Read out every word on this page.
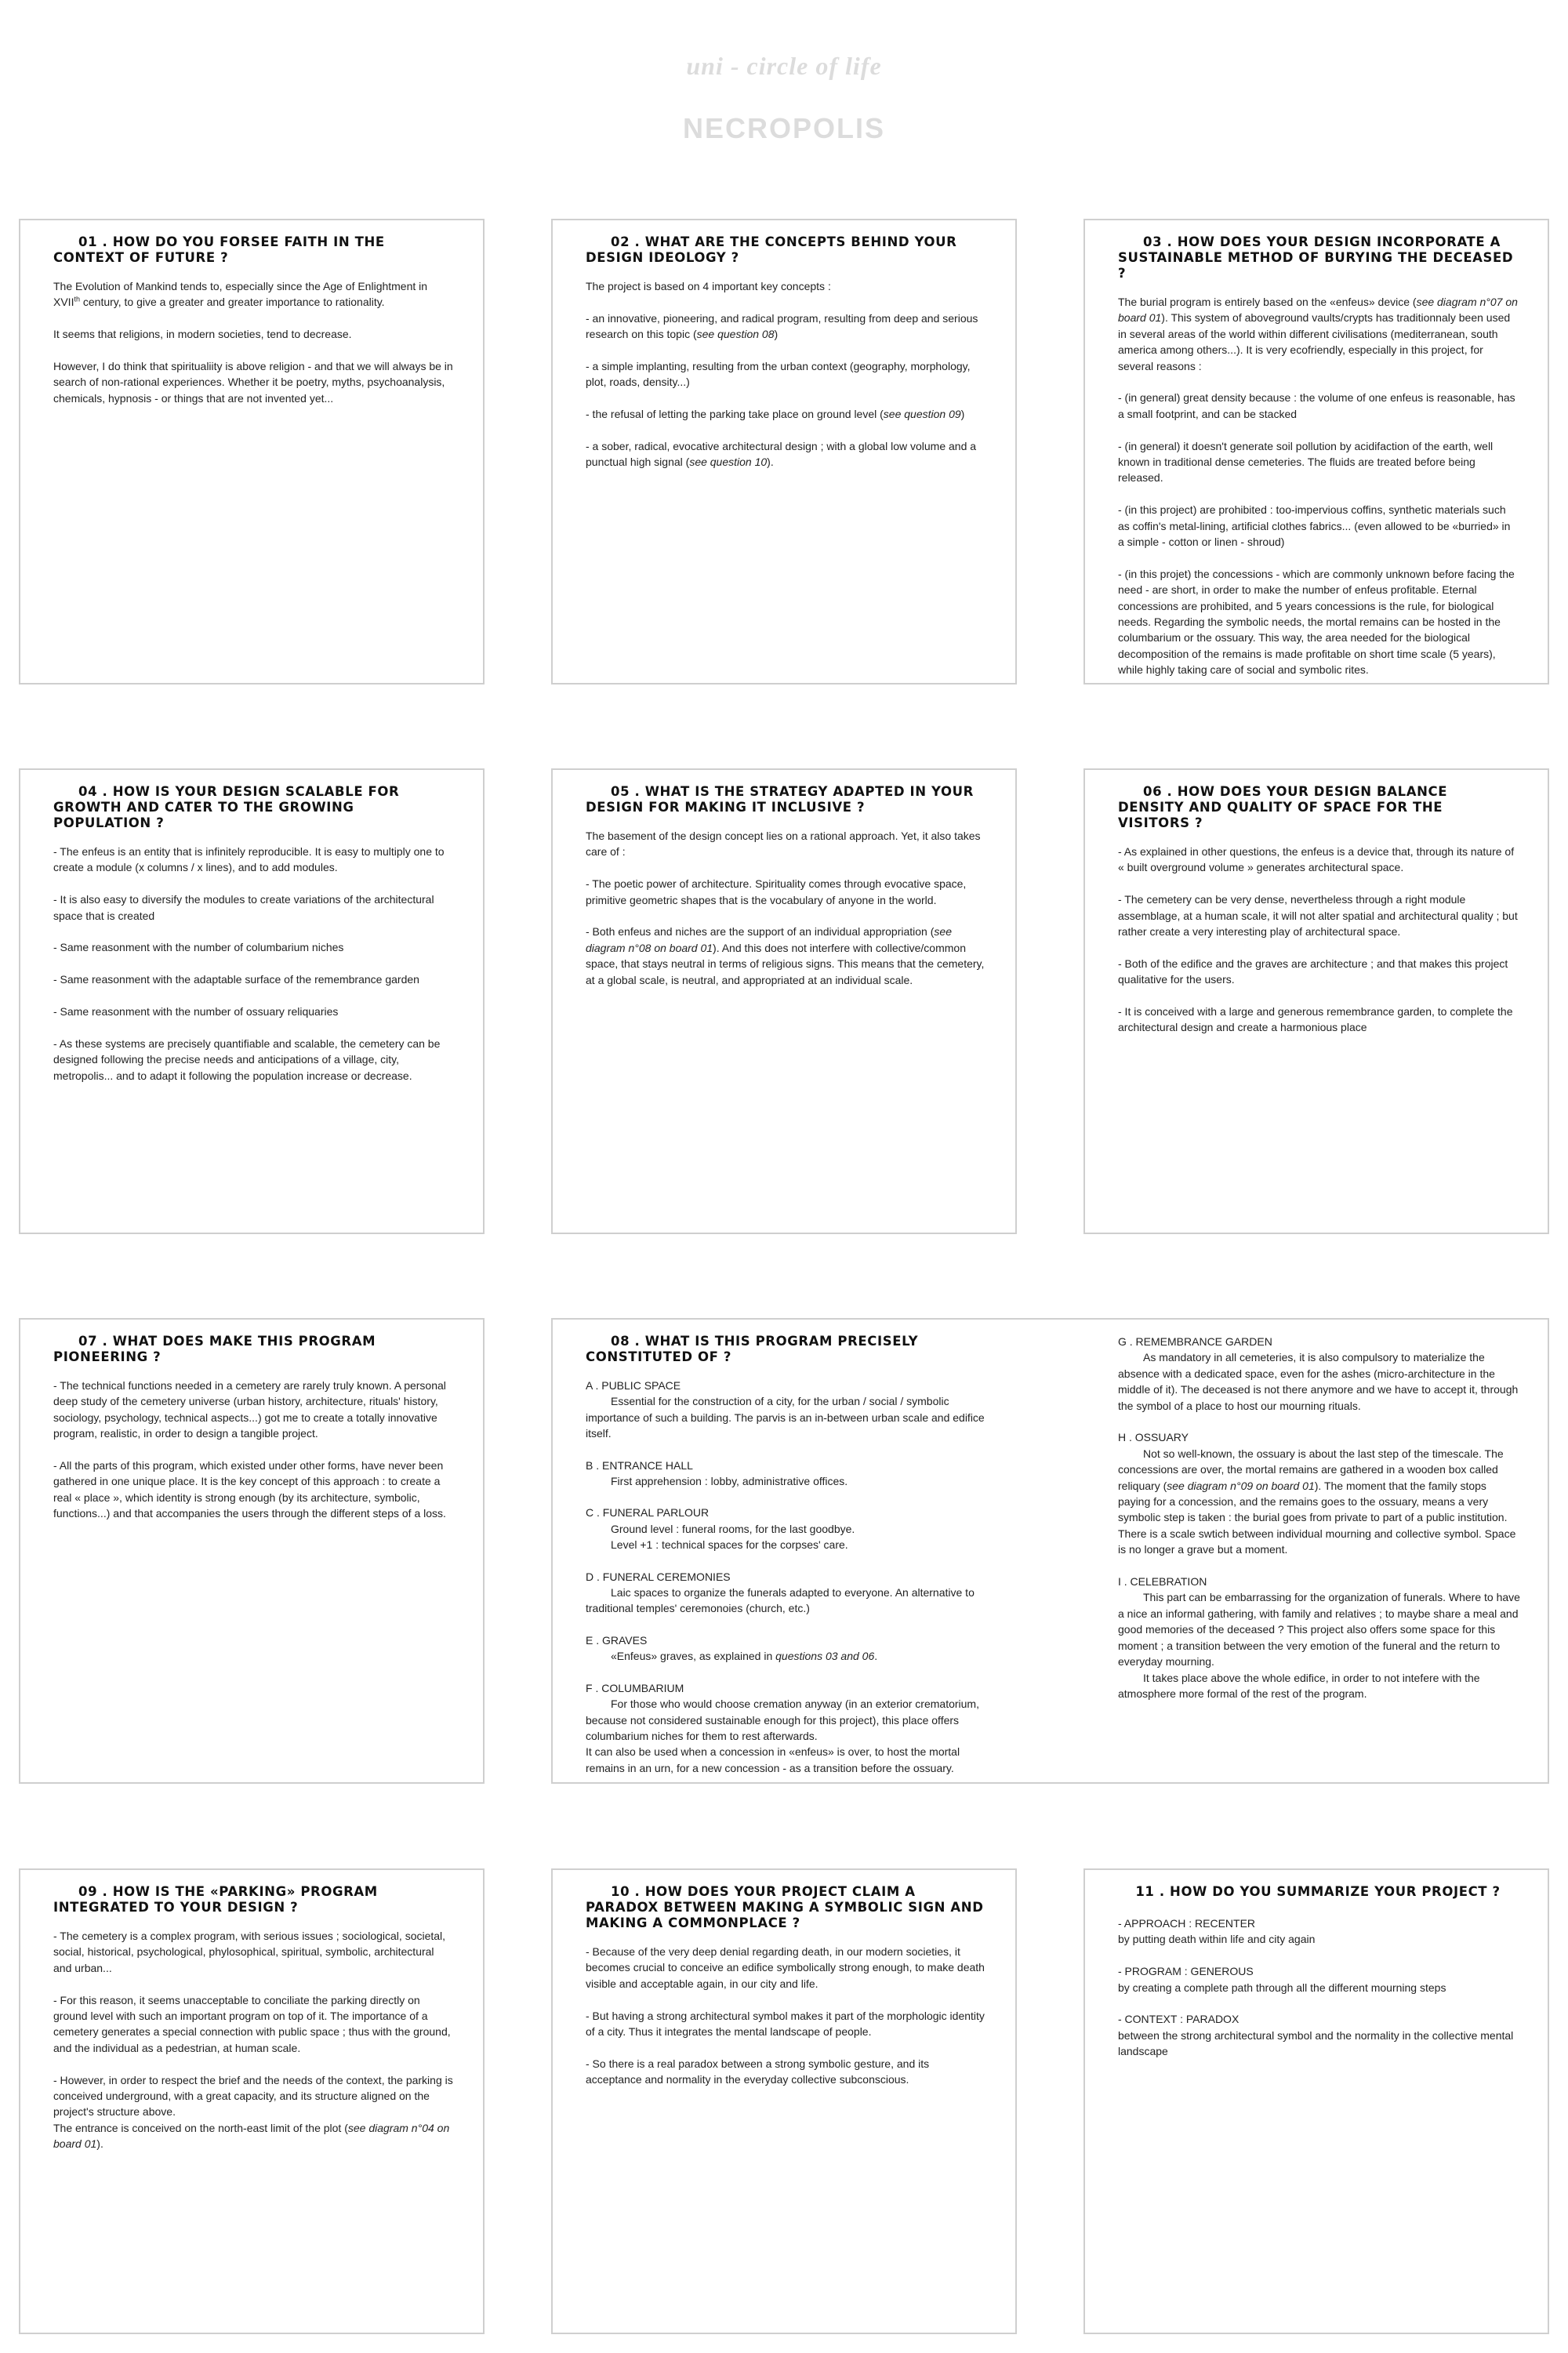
uni - circle of life
NECROPOLIS
01 . HOW DO YOU FORSEE FAITH IN THE CONTEXT OF FUTURE ?
The Evolution of Mankind tends to, especially since the Age of Enlightment in XVIIth century, to give a greater and greater importance to rationality.
It seems that religions, in modern societies, tend to decrease.
However, I do think that spiritualiity is above religion - and that we will always be in search of non-rational experiences. Whether it be poetry, myths, psychoanalysis, chemicals, hypnosis - or things that are not invented yet...
02 . WHAT ARE THE CONCEPTS BEHIND YOUR DESIGN IDEOLOGY ?
The project is based on 4 important key concepts :
- an innovative, pioneering, and radical program, resulting from deep and serious research on this topic (see question 08)
- a simple implanting, resulting from the urban context (geography, morphology, plot, roads, density...)
- the refusal of letting the parking take place on ground level (see question 09)
- a sober, radical, evocative architectural design ; with a global low volume and a punctual high signal (see question 10).
03 . HOW DOES YOUR DESIGN INCORPORATE A SUSTAINABLE METHOD OF BURYING THE DECEASED ?
The burial program is entirely based on the «enfeus» device (see diagram n°07 on board 01). This system of aboveground vaults/crypts has traditionnaly been used in several areas of the world within different civilisations (mediterranean, south america among others...). It is very ecofriendly, especially in this project, for several reasons :
- (in general) great density because : the volume of one enfeus is reasonable, has a small footprint, and can be stacked
- (in general) it doesn't generate soil pollution by acidifaction of the earth, well known in traditional dense cemeteries. The fluids are treated before being released.
- (in this project) are prohibited : too-impervious coffins, synthetic materials such as coffin's metal-lining, artificial clothes fabrics... (even allowed to be «burried» in a simple - cotton or linen - shroud)
- (in this projet) the concessions - which are commonly unknown before facing the need - are short, in order to make the number of enfeus profitable. Eternal concessions are prohibited, and 5 years concessions is the rule, for biological needs. Regarding the symbolic needs, the mortal remains can be hosted in the columbarium or the ossuary. This way, the area needed for the biological decomposition of the remains is made profitable on short time scale (5 years), while highly taking care of social and symbolic rites.
04 . HOW IS YOUR DESIGN SCALABLE FOR GROWTH AND CATER TO THE GROWING POPULATION ?
- The enfeus is an entity that is infinitely reproducible. It is easy to multiply one to create a module (x columns / x lines), and to add modules.
- It is also easy to diversify the modules to create variations of the architectural space that is created
- Same reasonment with the number of columbarium niches
- Same reasonment with the adaptable surface of the remembrance garden
- Same reasonment with the number of ossuary reliquaries
- As these systems are precisely quantifiable and scalable, the cemetery can be designed following the precise needs and anticipations of a village, city, metropolis... and to adapt it following the population increase or decrease.
05 . WHAT IS THE STRATEGY ADAPTED IN YOUR DESIGN FOR MAKING IT INCLUSIVE ?
The basement of the design concept lies on a rational approach. Yet, it also takes care of :
- The poetic power of architecture. Spirituality comes through evocative space, primitive geometric shapes that is the vocabulary of anyone in the world.
- Both enfeus and niches are the support of an individual appropriation (see diagram n°08 on board 01). And this does not interfere with collective/common space, that stays neutral in terms of religious signs. This means that the cemetery, at a global scale, is neutral, and appropriated at an individual scale.
06 . HOW DOES YOUR DESIGN BALANCE DENSITY AND QUALITY OF SPACE FOR THE VISITORS ?
- As explained in other questions, the enfeus is a device that, through its nature of « built overground volume » generates architectural space.
- The cemetery can be very dense, nevertheless through a right module assemblage, at a human scale, it will not alter spatial and architectural quality ; but rather create a very interesting play of architectural space.
- Both of the edifice and the graves are architecture ; and that makes this project qualitative for the users.
- It is conceived with a large and generous remembrance garden, to complete the architectural design and create a harmonious place
07 . WHAT DOES MAKE THIS PROGRAM PIONEERING ?
- The technical functions needed in a cemetery are rarely truly known. A personal deep study of the cemetery universe (urban history, architecture, rituals' history, sociology, psychology, technical aspects...) got me to create a totally innovative program, realistic, in order to design a tangible project.
- All the parts of this program, which existed under other forms, have never been gathered in one unique place. It is the key concept of this approach : to create a real « place », which identity is strong enough (by its architecture, symbolic, functions...) and that accompanies the users through the different steps of a loss.
08 . WHAT IS THIS PROGRAM PRECISELY CONSTITUTED OF ?
A . PUBLIC SPACE
Essential for the construction of a city, for the urban / social / symbolic importance of such a building. The parvis is an in-between urban scale and edifice itself.
B . ENTRANCE HALL
First apprehension : lobby, administrative offices.
C . FUNERAL PARLOUR
Ground level : funeral rooms, for the last goodbye.
Level +1 : technical spaces for the corpses' care.
D . FUNERAL CEREMONIES
Laic spaces to organize the funerals adapted to everyone. An alternative to traditional temples' ceremonoies (church, etc.)
E . GRAVES
«Enfeus» graves, as explained in questions 03 and 06.
F . COLUMBARIUM
For those who would choose cremation anyway (in an exterior crematorium, because not considered sustainable enough for this project), this place offers columbarium niches for them to rest afterwards.
It can also be used when a concession in «enfeus» is over, to host the mortal remains in an urn, for a new concession - as a transition before the ossuary.
G . REMEMBRANCE GARDEN
As mandatory in all cemeteries, it is also compulsory to materialize the absence with a dedicated space, even for the ashes (micro-architecture in the middle of it). The deceased is not there anymore and we have to accept it, through the symbol of a place to host our mourning rituals.
H . OSSUARY
Not so well-known, the ossuary is about the last step of the timescale. The concessions are over, the mortal remains are gathered in a wooden box called reliquary (see diagram n°09 on board 01). The moment that the family stops paying for a concession, and the remains goes to the ossuary, means a very symbolic step is taken : the burial goes from private to part of a public institution. There is a scale swtich between individual mourning and collective symbol. Space is no longer a grave but a moment.
I . CELEBRATION
This part can be embarrassing for the organization of funerals. Where to have a nice an informal gathering, with family and relatives ; to maybe share a meal and good memories of the deceased ? This project also offers some space for this moment ; a transition between the very emotion of the funeral and the return to everyday mourning.
It takes place above the whole edifice, in order to not intefere with the atmosphere more formal of the rest of the program.
09 . HOW IS THE «PARKING» PROGRAM INTEGRATED TO YOUR DESIGN ?
- The cemetery is a complex program, with serious issues ; sociological, societal, social, historical, psychological, phylosophical, spiritual, symbolic, architectural and urban...
- For this reason, it seems unacceptable to conciliate the parking directly on ground level with such an important program on top of it. The importance of a cemetery generates a special connection with public space ; thus with the ground, and the individual as a pedestrian, at human scale.
- However, in order to respect the brief and the needs of the context, the parking is conceived underground, with a great capacity, and its structure aligned on the project's structure above.
The entrance is conceived on the north-east limit of the plot (see diagram n°04 on board 01).
10 . HOW DOES YOUR PROJECT CLAIM A PARADOX BETWEEN MAKING A SYMBOLIC SIGN AND MAKING A COMMONPLACE ?
- Because of the very deep denial regarding death, in our modern societies, it becomes crucial to conceive an edifice symbolically strong enough, to make death visible and acceptable again, in our city and life.
- But having a strong architectural symbol makes it part of the morphologic identity of a city. Thus it integrates the mental landscape of people.
- So there is a real paradox between a strong symbolic gesture, and its acceptance and normality in the everyday collective subconscious.
11 . HOW DO YOU SUMMARIZE YOUR PROJECT ?
- APPROACH : RECENTER
by putting death within life and city again
- PROGRAM : GENEROUS
by creating a complete path through all the different mourning steps
- CONTEXT : PARADOX
between the strong architectural symbol and the normality in the collective mental landscape
